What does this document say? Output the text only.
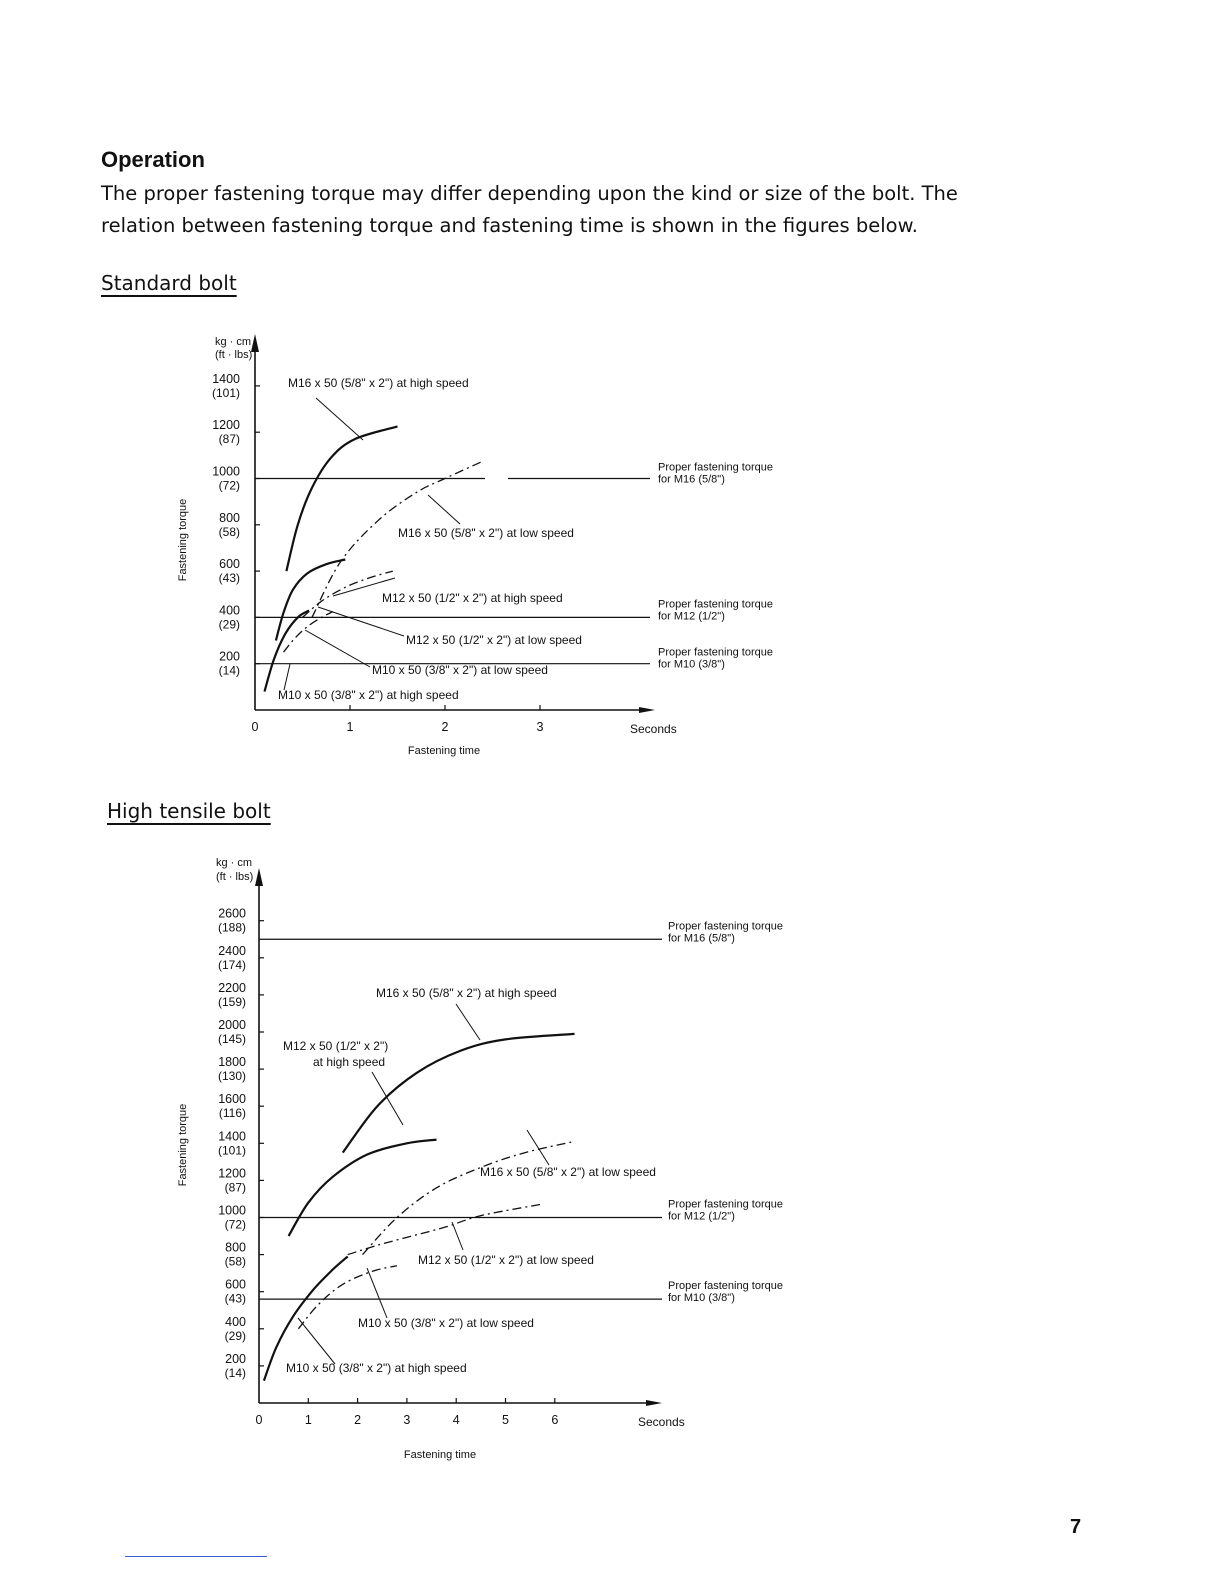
Operation
The proper fastening torque may differ depending upon the kind or size of the bolt. The
relation between fastening torque and fastening time is shown in the figures below.
Standard bolt
High tensile bolt
kg · cm
(ft · lbs)
Fastening torque
Fastening time
Seconds
1400
(101)
1200
(87)
1000
(72)
800
(58)
600
(43)
400
(29)
200
(14)
0	1	2	3
Proper fastening torque
for M16 (5/8")
Proper fastening torque
for M12 (1/2")
Proper fastening torque
for M10 (3/8")
M16 x 50 (5/8" x 2") at high speed
M16 x 50 (5/8" x 2") at low speed
M12 x 50 (1/2" x 2") at high speed
M12 x 50 (1/2" x 2") at low speed
M10 x 50 (3/8" x 2") at low speed
M10 x 50 (3/8" x 2") at high speed
kg · cm
(ft · lbs)
Fastening torque
Fastening time
Seconds
2600
(188)
2400
(174)
2200
(159)
2000
(145)
1800
(130)
1600
(116)
1400
(101)
1200
(87)
1000
(72)
800
(58)
600
(43)
400
(29)
200
(14)
0	1	2	3	4	5	6
Proper fastening torque
for M16 (5/8")
Proper fastening torque
for M12 (1/2")
Proper fastening torque
for M10 (3/8")
M16 x 50 (5/8" x 2") at high speed
M12 x 50 (1/2" x 2")
at high speed
M16 x 50 (5/8" x 2") at low speed
M12 x 50 (1/2" x 2") at low speed
M10 x 50 (3/8" x 2") at low speed
M10 x 50 (3/8" x 2") at high speed
7
